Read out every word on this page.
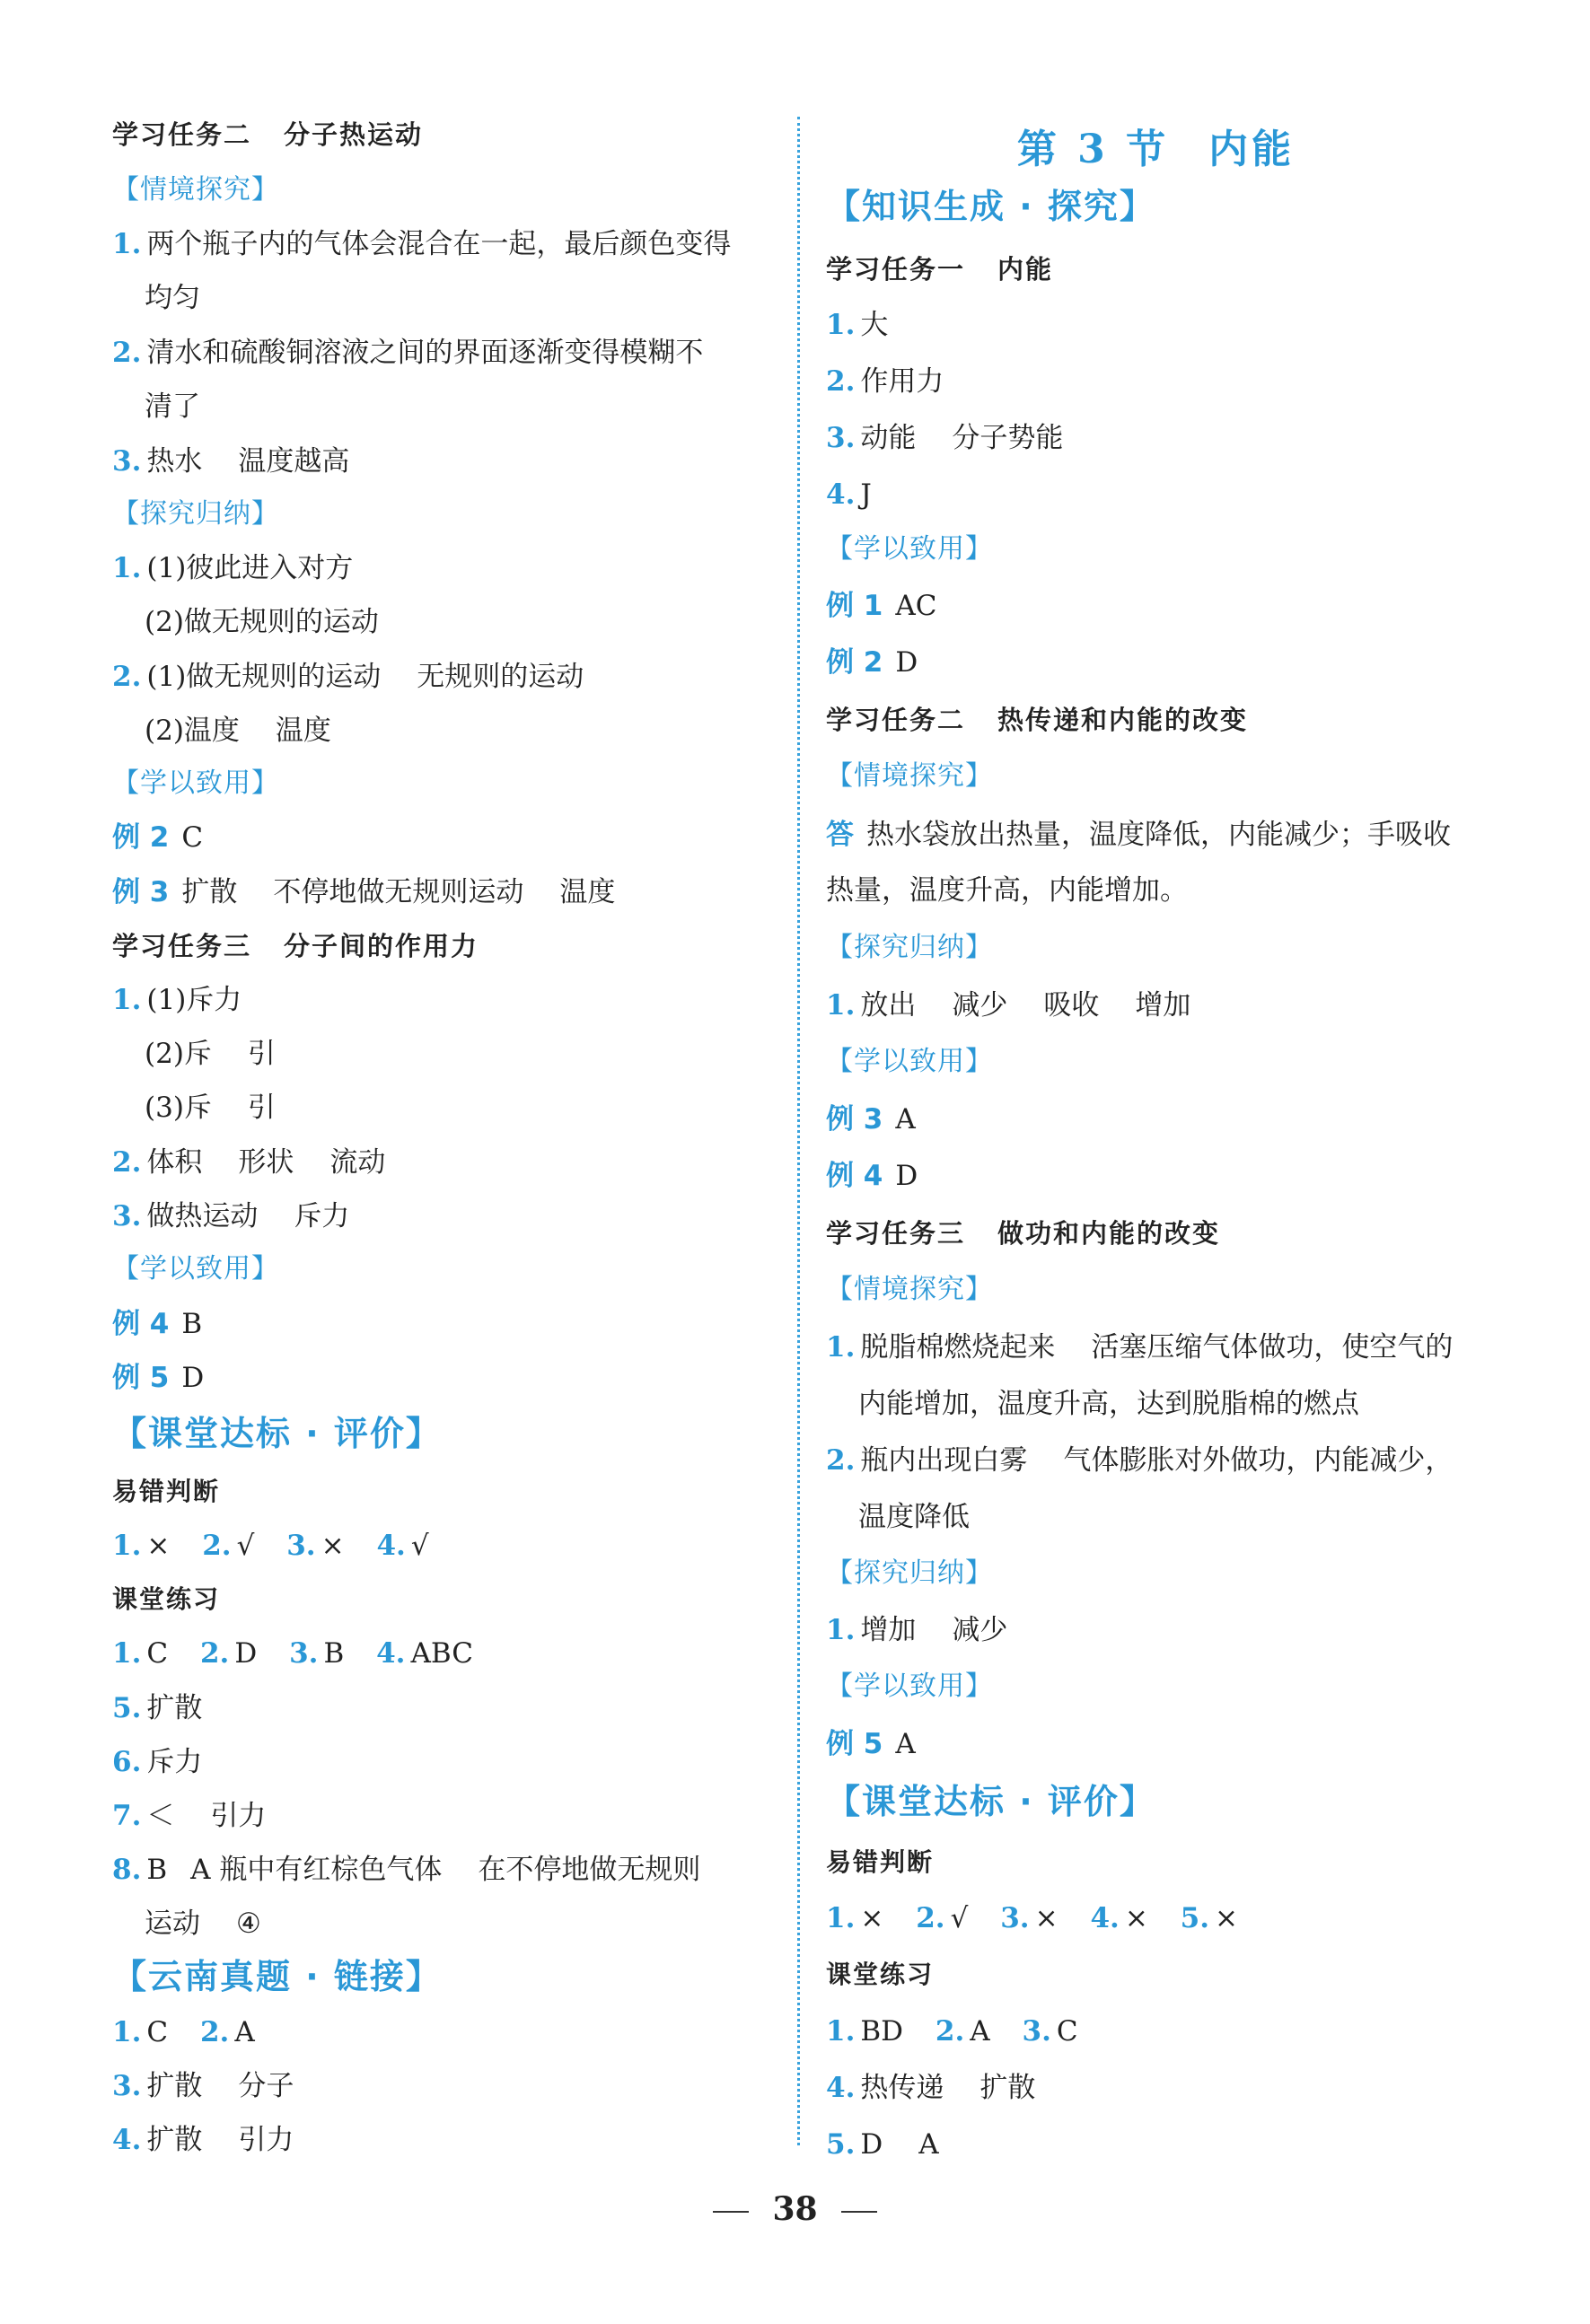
学习任务二 分子热运动
【情境探究】
1. 两个瓶子内的气体会混合在一起，最后颜色变得
均匀
2. 清水和硫酸铜溶液之间的界面逐渐变得模糊不
清了
3. 热水 温度越高
【探究归纳】
1. (1)彼此进入对方
(2)做无规则的运动
2. (1)做无规则的运动 无规则的运动
(2)温度 温度
【学以致用】
例 2 C
例 3 扩散 不停地做无规则运动 温度
学习任务三 分子间的作用力
1. (1)斥力
(2)斥 引
(3)斥 引
2. 体积 形状 流动
3. 做热运动 斥力
【学以致用】
例 4 B
例 5 D
【课堂达标 · 评价】
易错判断
1. × 2. √ 3. × 4. √
课堂练习
1. C 2. D 3. B 4. ABC
5. 扩散
6. 斥力
7. ＜ 引力
8. B A 瓶中有红棕色气体 在不停地做无规则
运动 ④
【云南真题 · 链接】
1. C 2. A
3. 扩散 分子
4. 扩散 引力
第 3 节 内能
【知识生成 · 探究】
学习任务一 内能
1. 大
2. 作用力
3. 动能 分子势能
4. J
【学以致用】
例 1 AC
例 2 D
学习任务二 热传递和内能的改变
【情境探究】
答 热水袋放出热量，温度降低，内能减少；手吸收
热量，温度升高，内能增加。
【探究归纳】
1. 放出 减少 吸收 增加
【学以致用】
例 3 A
例 4 D
学习任务三 做功和内能的改变
【情境探究】
1. 脱脂棉燃烧起来 活塞压缩气体做功，使空气的
内能增加，温度升高，达到脱脂棉的燃点
2. 瓶内出现白雾 气体膨胀对外做功，内能减少，
温度降低
【探究归纳】
1. 增加 减少
【学以致用】
例 5 A
【课堂达标 · 评价】
易错判断
1. × 2. √ 3. × 4. × 5. ×
课堂练习
1. BD 2. A 3. C
4. 热传递 扩散
5. D A
38
